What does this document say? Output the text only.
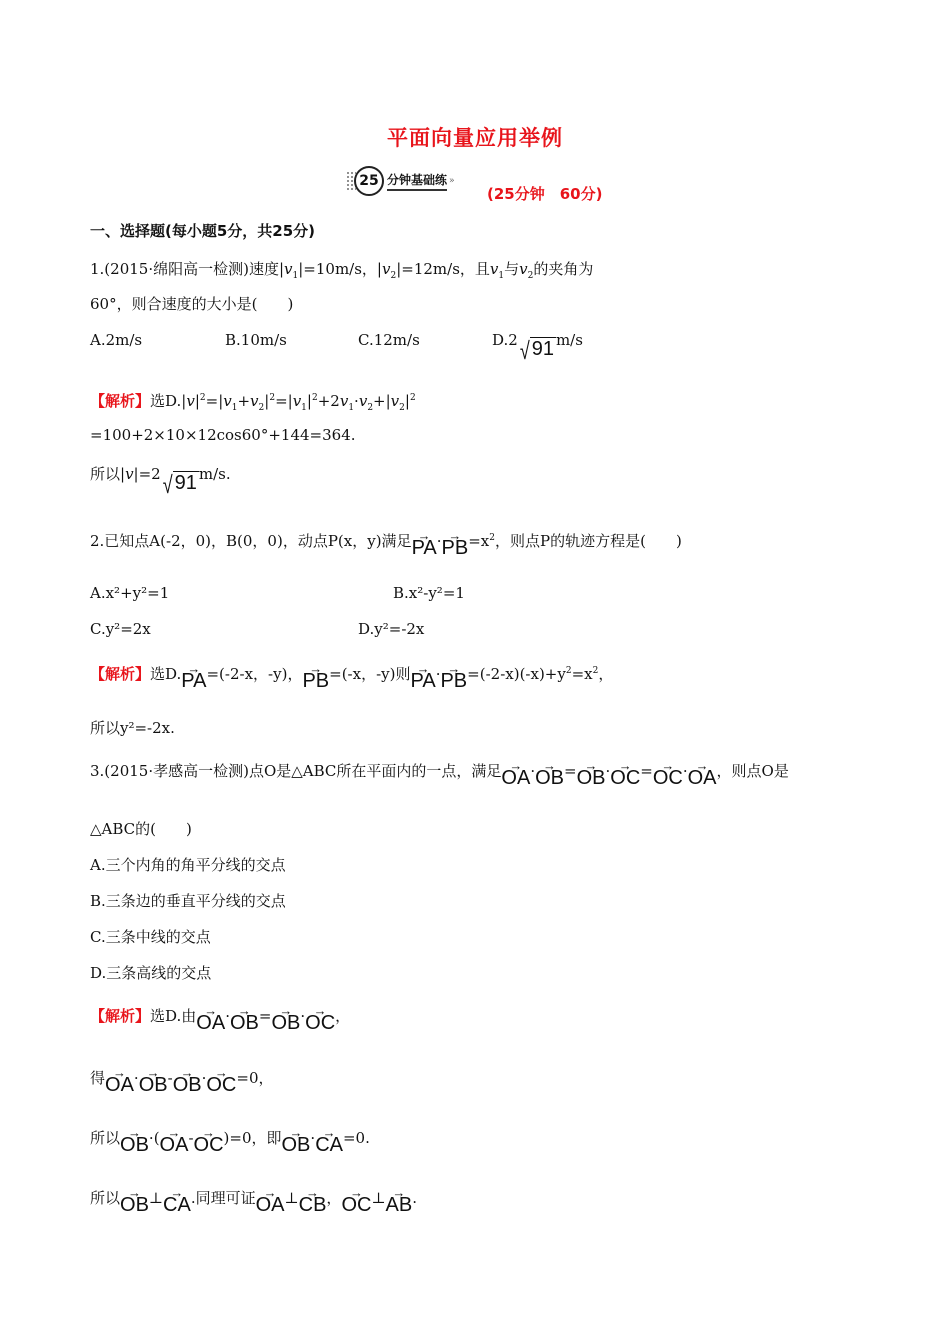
平面向量应用举例
25 分钟基础练 »
(25分钟　60分)
一、选择题(每小题5分，共25分)
1.(2015·绵阳高一检测)速度$|v_1|=10m/s$，$|v_2|=12m/s$，且$v_1$与$v_2$的夹角为
60°，则合速度的大小是(　　)
A.2m/s	B.10m/s	C.12m/s	D.2 √ 91 m/s
【解析】选$D.|v|^2=|v_1+v_2|^2=|v_1|^2+2v_1\cdot v_2+|v_2|^2$
=100+2×10×12cos60°+144=364.
所以|v|=2 √ 91 m/s.
2.已知点A(-2，0)，B(0，0)，动点P(x，y)满足→ $PA\cdot\to PB=x^2$，则点P的轨迹方程是(　　)
A.x²+y²=1	B.x²-y²=1
C.y²=2x	D.y²=-2x
【解析】选D.→ PA=(-2-x，-y)，→ PB=(-x，-y)则→ $PA\cdot\to PB=(-2-x)(-x)+y^2=x^2$，
所以y²=-2x.
3.(2015·孝感高一检测)点O是△ABC所在平面内的一点，满足→ OA·→ OB=→ OB·→ OC=→ OC·→ OA，则点O是
△ABC的(　　)
A.三个内角的角平分线的交点
B.三条边的垂直平分线的交点
C.三条中线的交点
D.三条高线的交点
【解析】选D.由→ OA·→ OB=→ OB·→ OC，
得→ OA·→ OB-→ OB·→ OC=0，
所以→ OB·(→ OA-→ OC)=0，即→ OB·→ CA=0.
所以→ OB⊥→ CA.同理可证→ OA⊥→ CB，→ OC⊥→ AB.
